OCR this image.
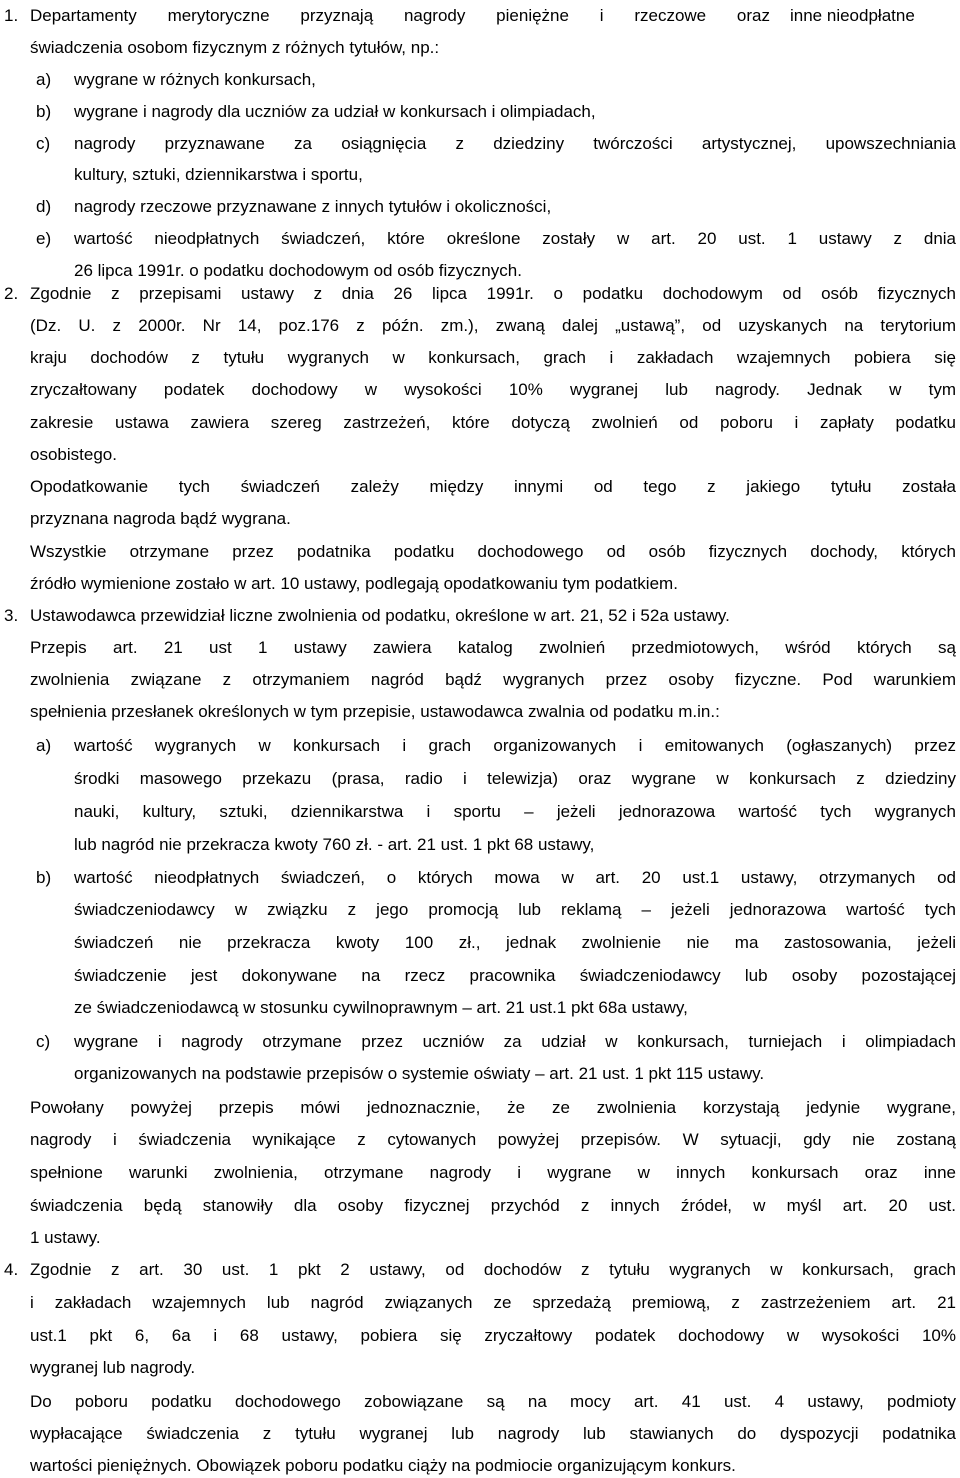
1. Departamenty merytoryczne przyznają nagrody pieniężne i rzeczowe oraz inne nieodpłatne
świadczenia osobom fizycznym z różnych tytułów, np.:
a) wygrane w różnych konkursach,
b) wygrane i nagrody dla uczniów za udział w konkursach i olimpiadach,
c) nagrody przyznawane za osiągnięcia z dziedziny twórczości artystycznej, upowszechniania
kultury, sztuki, dziennikarstwa i sportu,
d) nagrody rzeczowe przyznawane z innych tytułów i okoliczności,
e) wartość nieodpłatnych świadczeń, które określone zostały w art. 20 ust. 1 ustawy z dnia
26 lipca 1991r. o podatku dochodowym od osób fizycznych.
2. Zgodnie z przepisami ustawy z dnia 26 lipca 1991r. o podatku dochodowym od osób fizycznych
(Dz. U. z 2000r. Nr 14, poz.176 z późn. zm.), zwaną dalej „ustawą”, od uzyskanych na terytorium
kraju dochodów z tytułu wygranych w konkursach, grach i zakładach wzajemnych pobiera się
zryczałtowany podatek dochodowy w wysokości 10% wygranej lub nagrody. Jednak w tym
zakresie ustawa zawiera szereg zastrzeżeń, które dotyczą zwolnień od poboru i zapłaty podatku
osobistego.
Opodatkowanie tych świadczeń zależy między innymi od tego z jakiego tytułu została
przyznana nagroda bądź wygrana.
Wszystkie otrzymane przez podatnika podatku dochodowego od osób fizycznych dochody, których
źródło wymienione zostało w art. 10 ustawy, podlegają opodatkowaniu tym podatkiem.
3. Ustawodawca przewidział liczne zwolnienia od podatku, określone w art. 21, 52 i 52a ustawy.
Przepis art. 21 ust 1 ustawy zawiera katalog zwolnień przedmiotowych, wśród których są
zwolnienia związane z otrzymaniem nagród bądź wygranych przez osoby fizyczne. Pod warunkiem
spełnienia przesłanek określonych w tym przepisie, ustawodawca zwalnia od podatku m.in.:
a) wartość wygranych w konkursach i grach organizowanych i emitowanych (ogłaszanych) przez
środki masowego przekazu (prasa, radio i telewizja) oraz wygrane w konkursach z dziedziny
nauki, kultury, sztuki, dziennikarstwa i sportu – jeżeli jednorazowa wartość tych wygranych
lub nagród nie przekracza kwoty 760 zł. - art. 21 ust. 1 pkt 68 ustawy,
b) wartość nieodpłatnych świadczeń, o których mowa w art. 20 ust.1 ustawy, otrzymanych od
świadczeniodawcy w związku z jego promocją lub reklamą – jeżeli jednorazowa wartość tych
świadczeń nie przekracza kwoty 100 zł., jednak zwolnienie nie ma zastosowania, jeżeli
świadczenie jest dokonywane na rzecz pracownika świadczeniodawcy lub osoby pozostającej
ze świadczeniodawcą w stosunku cywilnoprawnym – art. 21 ust.1 pkt 68a ustawy,
c) wygrane i nagrody otrzymane przez uczniów za udział w konkursach, turniejach i olimpiadach
organizowanych na podstawie przepisów o systemie oświaty – art. 21 ust. 1 pkt 115 ustawy.
Powołany powyżej przepis mówi jednoznacznie, że ze zwolnienia korzystają jedynie wygrane,
nagrody i świadczenia wynikające z cytowanych powyżej przepisów. W sytuacji, gdy nie zostaną
spełnione warunki zwolnienia, otrzymane nagrody i wygrane w innych konkursach oraz inne
świadczenia będą stanowiły dla osoby fizycznej przychód z innych źródeł, w myśl art. 20 ust.
1 ustawy.
4. Zgodnie z art. 30 ust. 1 pkt 2 ustawy, od dochodów z tytułu wygranych w konkursach, grach
i zakładach wzajemnych lub nagród związanych ze sprzedażą premiową, z zastrzeżeniem art. 21
ust.1 pkt 6, 6a i 68 ustawy, pobiera się zryczałtowy podatek dochodowy w wysokości 10%
wygranej lub nagrody.
Do poboru podatku dochodowego zobowiązane są na mocy art. 41 ust. 4 ustawy, podmioty
wypłacające świadczenia z tytułu wygranej lub nagrody lub stawianych do dyspozycji podatnika
wartości pieniężnych. Obowiązek poboru podatku ciąży na podmiocie organizującym konkurs.
